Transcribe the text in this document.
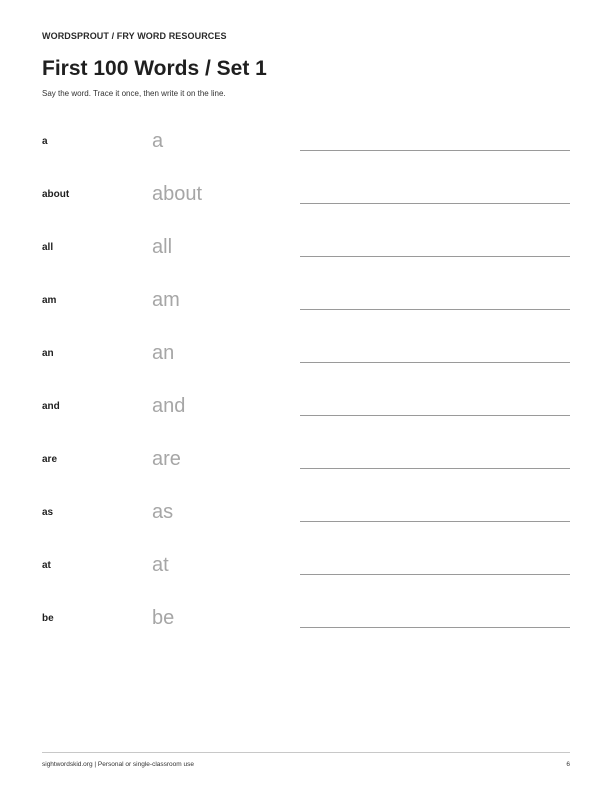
WORDSPROUT / FRY WORD RESOURCES
First 100 Words / Set 1
Say the word. Trace it once, then write it on the line.
a	a
about	about
all	all
am	am
an	an
and	and
are	are
as	as
at	at
be	be
sightwordskid.org | Personal or single-classroom use	6
